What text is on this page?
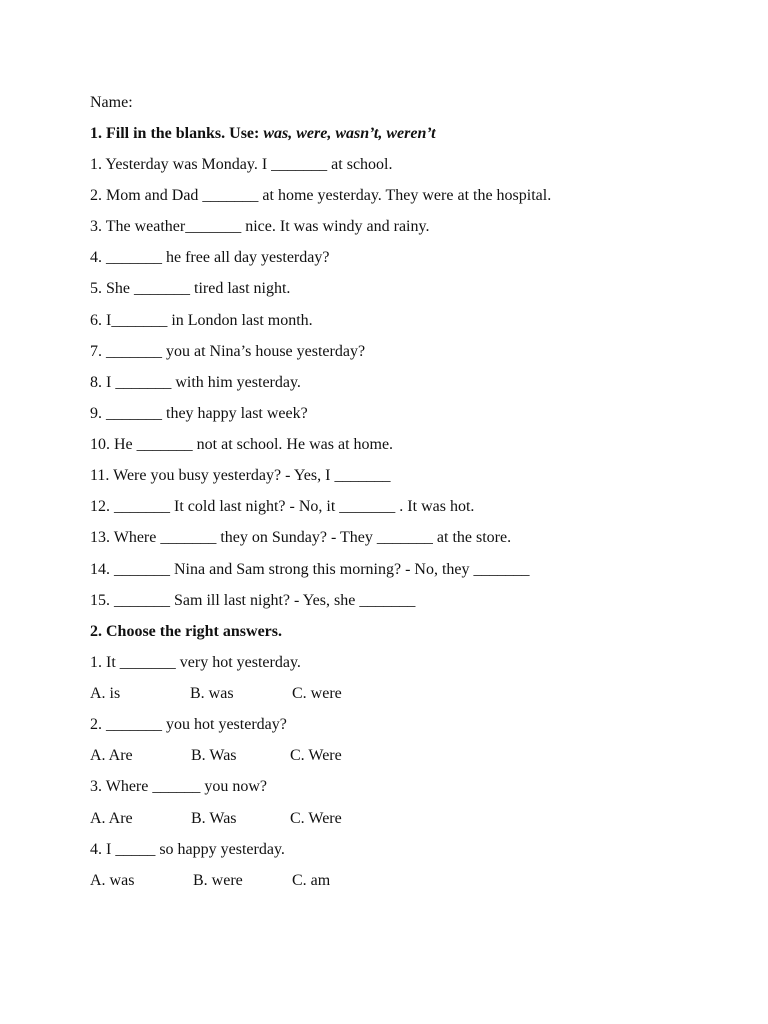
Name:
1. Fill in the blanks. Use: was, were, wasn’t, weren’t
1. Yesterday was Monday. I _______ at school.
2. Mom and Dad _______ at home yesterday. They were at the hospital.
3. The weather_______ nice. It was windy and rainy.
4. _______ he free all day yesterday?
5. She _______ tired last night.
6. I_______ in London last month.
7. _______ you at Nina’s house yesterday?
8. I _______ with him yesterday.
9. _______ they happy last week?
10. He _______ not at school. He was at home.
11. Were you busy yesterday? - Yes, I _______
12. _______ It cold last night? - No, it _______ . It was hot.
13. Where _______ they on Sunday? - They _______ at the store.
14. _______ Nina and Sam strong this morning? - No, they _______
15. _______ Sam ill last night? - Yes, she _______
2. Choose the right answers.
1. It _______ very hot yesterday.
A. is	B. was	C. were
2. _______ you hot yesterday?
A. Are	B. Was	C. Were
3. Where ______ you now?
A. Are	B. Was	C. Were
4. I _____ so happy yesterday.
A. was	B. were	C. am
